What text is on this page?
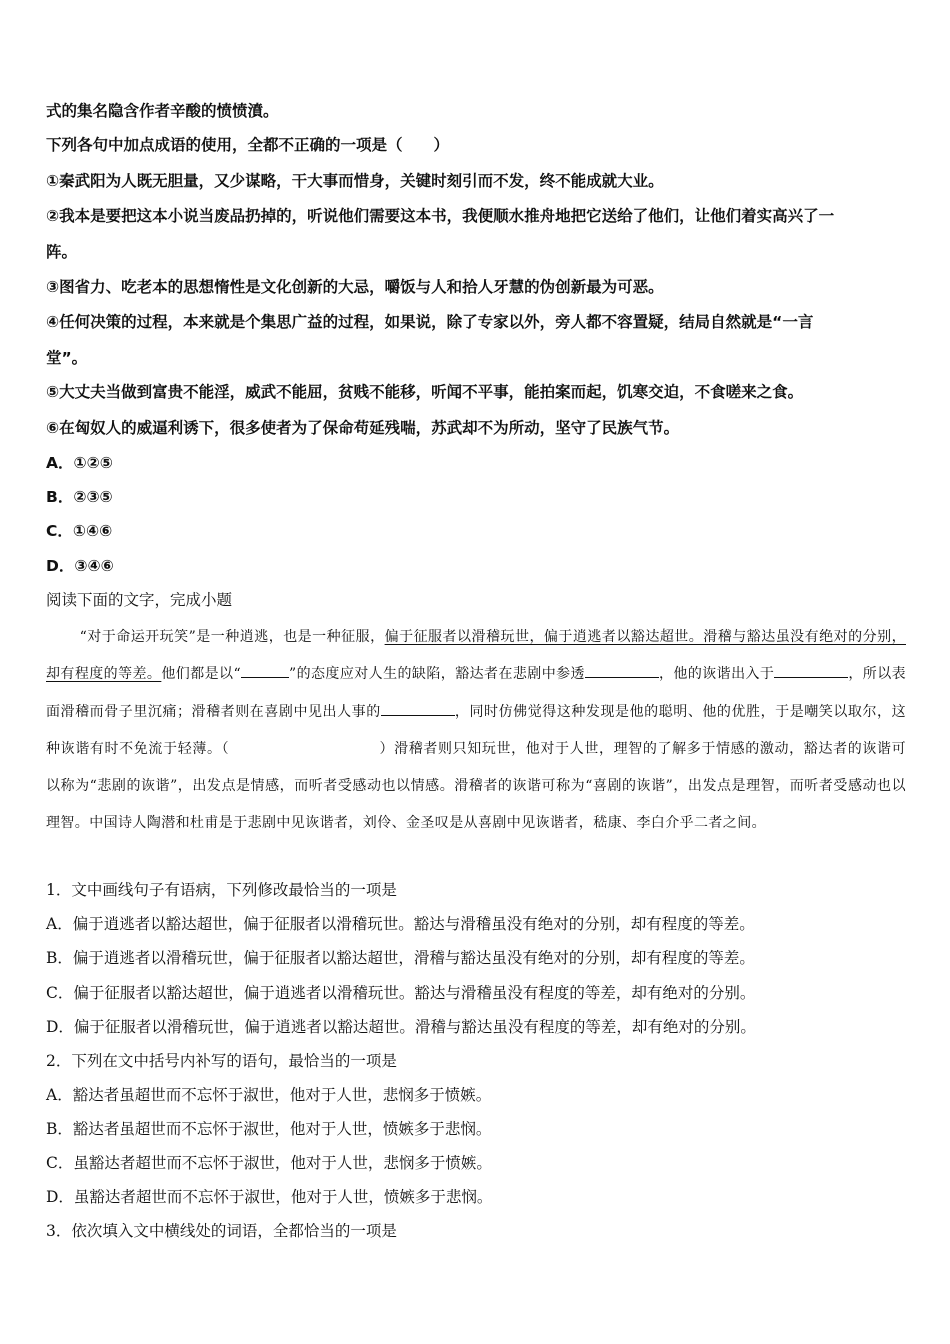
式的集名隐含作者辛酸的愤愤濆。
下列各句中加点成语的使用，全都不正确的一项是（　　）
①秦武阳为人既无胆量，又少谋略，干大事而惜身，关键时刻引而不发，终不能成就大业。
②我本是要把这本小说当废品扔掉的，听说他们需要这本书，我便顺水推舟地把它送给了他们，让他们着实高兴了一
阵。
③图省力、吃老本的思想惰性是文化创新的大忌，嚼饭与人和拾人牙慧的伪创新最为可恶。
④任何决策的过程，本来就是个集思广益的过程，如果说，除了专家以外，旁人都不容置疑，结局自然就是“一言
堂”。
⑤大丈夫当做到富贵不能淫，威武不能屈，贫贱不能移，听闻不平事，能拍案而起，饥寒交迫，不食嗟来之食。
⑥在匈奴人的威逼利诱下，很多使者为了保命苟延残喘，苏武却不为所动，坚守了民族气节。
A．①②⑤
B．②③⑤
C．①④⑥
D．③④⑥
阅读下面的文字，完成小题

“对于命运开玩笑”是一种逍逃，也是一种征服，偏于征服者以滑稽玩世，偏于逍逃者以豁达超世。滑稽与豁达虽没有绝对的分别，却有程度的等差。他们都是以“	”的态度应对人生的缺陷，豁达者在悲剧中参透	，他的诙谐出入于	，所以表面滑稽而骨子里沉痛；滑稽者则在喜剧中见出人事的	，同时仿佛觉得这种发现是他的聪明、他的优胜，于是嘲笑以取尔，这种诙谐有时不免流于轻薄。（	）滑稽者则只知玩世，他对于人世，理智的了解多于情感的激动，豁达者的诙谐可以称为“悲剧的诙谐”，出发点是情感，而听者受感动也以情感。滑稽者的诙谐可称为“喜剧的诙谐”，出发点是理智，而听者受感动也以理智。中国诗人陶潜和杜甫是于悲剧中见诙谐者，刘伶、金圣叹是从喜剧中见诙谐者，嵇康、李白介乎二者之间。

1．文中画线句子有语病，下列修改最恰当的一项是
A．偏于逍逃者以豁达超世，偏于征服者以滑稽玩世。豁达与滑稽虽没有绝对的分别，却有程度的等差。
B．偏于逍逃者以滑稽玩世，偏于征服者以豁达超世，滑稽与豁达虽没有绝对的分别，却有程度的等差。
C．偏于征服者以豁达超世，偏于逍逃者以滑稽玩世。豁达与滑稽虽没有程度的等差，却有绝对的分别。
D．偏于征服者以滑稽玩世，偏于逍逃者以豁达超世。滑稽与豁达虽没有程度的等差，却有绝对的分别。
2．下列在文中括号内补写的语句，最恰当的一项是
A．豁达者虽超世而不忘怀于淑世，他对于人世，悲悯多于愤嫉。
B．豁达者虽超世而不忘怀于淑世，他对于人世，愤嫉多于悲悯。
C．虽豁达者超世而不忘怀于淑世，他对于人世，悲悯多于愤嫉。
D．虽豁达者超世而不忘怀于淑世，他对于人世，愤嫉多于悲悯。
3．依次填入文中横线处的词语，全都恰当的一项是
